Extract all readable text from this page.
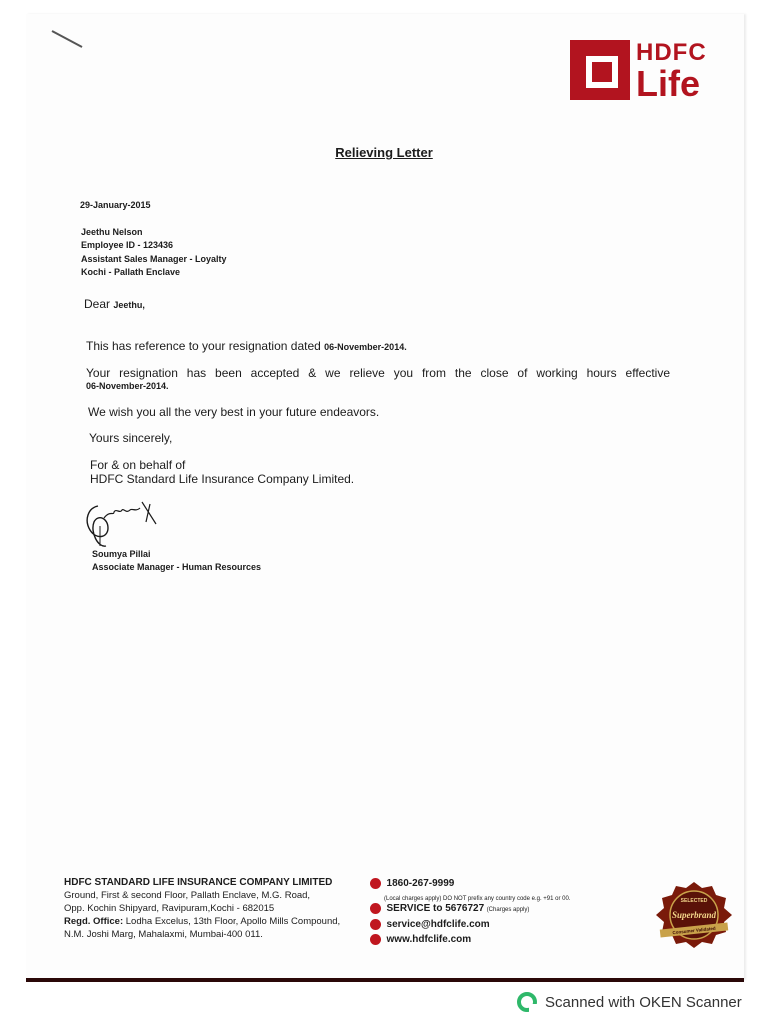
HDFC
Life
Relieving Letter
29-January-2015
Jeethu Nelson
Employee ID - 123436
Assistant Sales Manager - Loyalty
Kochi - Pallath Enclave
Dear Jeethu,
This has reference to your resignation dated 06-November-2014.
Your resignation has been accepted & we relieve you from the close of working hours effective
06-November-2014.
We wish you all the very best in your future endeavors.
Yours sincerely,
For & on behalf of
HDFC Standard Life Insurance Company Limited.
Soumya Pillai
Associate Manager - Human Resources
HDFC STANDARD LIFE INSURANCE COMPANY LIMITED
Ground, First & second Floor, Pallath Enclave, M.G. Road,
Opp. Kochin Shipyard, Ravipuram,Kochi - 682015
Regd. Office: Lodha Excelus, 13th Floor, Apollo Mills Compound,
N.M. Joshi Marg, Mahalaxmi, Mumbai-400 011.
1860-267-9999
(Local charges apply) DO NOT prefix any country code e.g. +91 or 00.
SERVICE to 5676727 (Charges apply)
service@hdfclife.com
www.hdfclife.com
SELECTED
Superbrand
Consumer Validated
Scanned with OKEN Scanner
